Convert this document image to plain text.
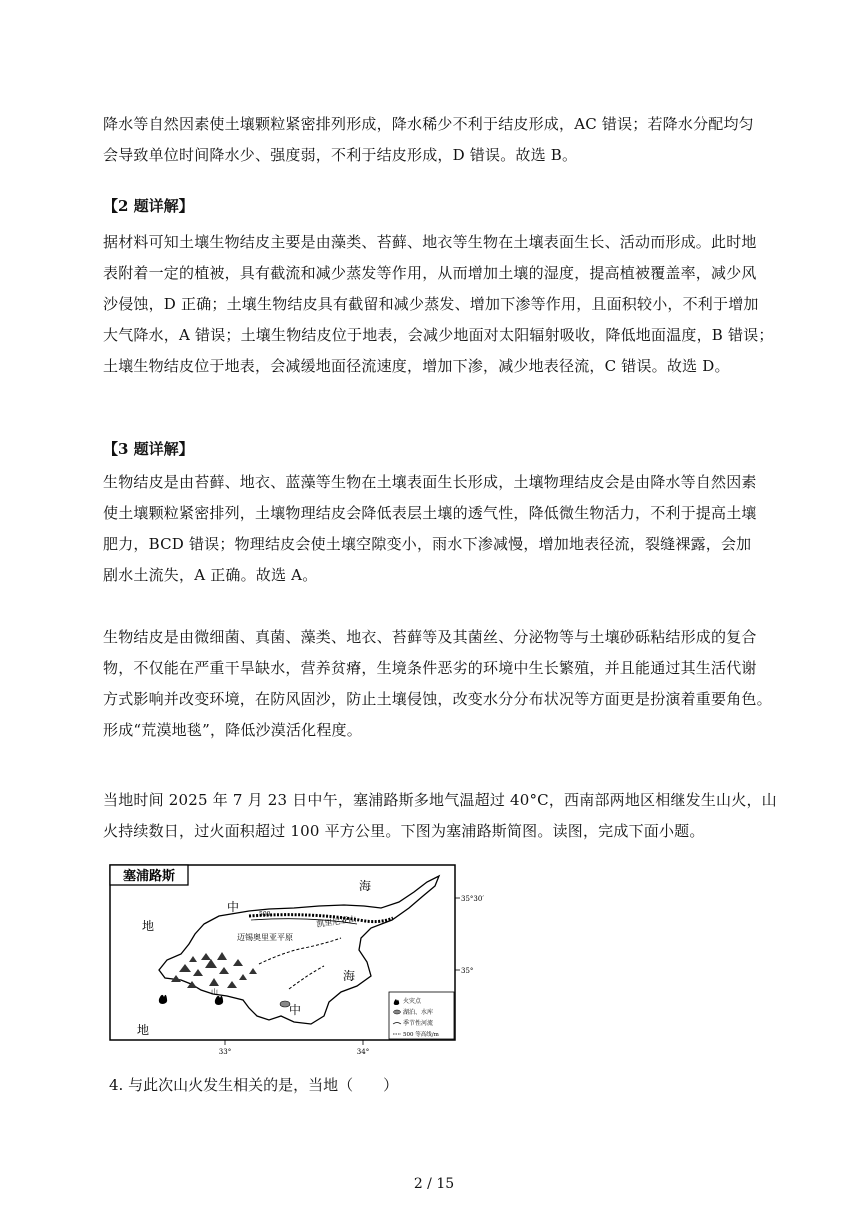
降水等自然因素使土壤颗粒紧密排列形成，降水稀少不利于结皮形成，AC 错误；若降水分配均匀
会导致单位时间降水少、强度弱，不利于结皮形成，D 错误。故选 B。
【2 题详解】
据材料可知土壤生物结皮主要是由藻类、苔藓、地衣等生物在土壤表面生长、活动而形成。此时地
表附着一定的植被，具有截流和减少蒸发等作用，从而增加土壤的湿度，提高植被覆盖率，减少风
沙侵蚀，D 正确；土壤生物结皮具有截留和减少蒸发、增加下渗等作用，且面积较小，不利于增加
大气降水，A 错误；土壤生物结皮位于地表，会减少地面对太阳辐射吸收，降低地面温度，B 错误；
土壤生物结皮位于地表，会减缓地面径流速度，增加下渗，减少地表径流，C 错误。故选 D。
【3 题详解】
生物结皮是由苔藓、地衣、蓝藻等生物在土壤表面生长形成，土壤物理结皮会是由降水等自然因素
使土壤颗粒紧密排列，土壤物理结皮会降低表层土壤的透气性，降低微生物活力，不利于提高土壤
肥力，BCD 错误；物理结皮会使土壤空隙变小，雨水下渗减慢，增加地表径流，裂缝裸露，会加
剧水土流失，A 正确。故选 A。
生物结皮是由微细菌、真菌、藻类、地衣、苔藓等及其菌丝、分泌物等与土壤砂砾粘结形成的复合
物，不仅能在严重干旱缺水，营养贫瘠，生境条件恶劣的环境中生长繁殖，并且能通过其生活代谢
方式影响并改变环境，在防风固沙，防止土壤侵蚀，改变水分分布状况等方面更是扮演着重要角色。
形成“荒漠地毯”，降低沙漠活化程度。
当地时间 2025 年 7 月 23 日中午，塞浦路斯多地气温超过 40°C，西南部两地区相继发生山火，山
火持续数日，过火面积超过 100 平方公里。下图为塞浦路斯简图。读图，完成下面小题。
塞浦路斯
中
海
地
地
中
海
500
凯里尼亚山
迈锡奥里亚平原
山
火灾点
湖泊、水库
季节性河流
500 等高线/m
35°30′
35°
33°	34°
4. 与此次山火发生相关的是，当地（　　）
2 / 15
